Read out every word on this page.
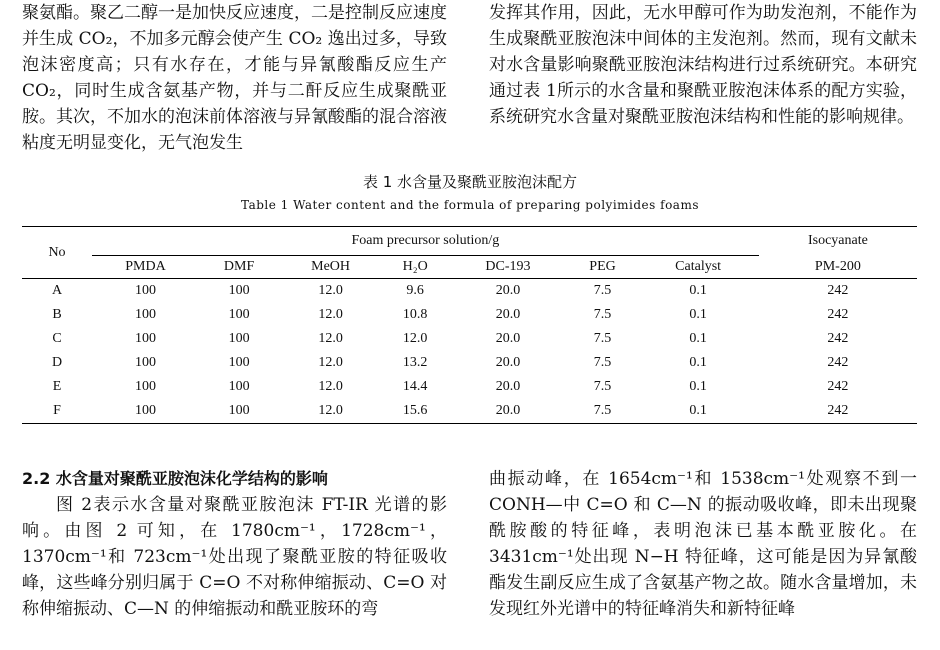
聚氨酯。聚乙二醇一是加快反应速度，二是控制反应速度并生成 CO₂，不加多元醇会使产生 CO₂ 逸出过多，导致泡沫密度高；只有水存在，才能与异氰酸酯反应生产 CO₂，同时生成含氨基产物，并与二酐反应生成聚酰亚胺。其次，不加水的泡沫前体溶液与异氰酸酯的混合溶液粘度无明显变化，无气泡发生

发挥其作用，因此，无水甲醇可作为助发泡剂，不能作为生成聚酰亚胺泡沫中间体的主发泡剂。然而，现有文献未对水含量影响聚酰亚胺泡沫结构进行过系统研究。本研究通过表 1所示的水含量和聚酰亚胺泡沫体系的配方实验，系统研究水含量对聚酰亚胺泡沫结构和性能的影响规律。

表 1 水含量及聚酰亚胺泡沫配方
Table 1 Water content and the formula of preparing polyimides foams
No	Foam precursor solution/g							Isocyanate
	PMDA	DMF	MeOH	H₂O	DC-193	PEG	Catalyst	PM-200
A	100	100	12.0	9.6	20.0	7.5	0.1	242
B	100	100	12.0	10.8	20.0	7.5	0.1	242
C	100	100	12.0	12.0	20.0	7.5	0.1	242
D	100	100	12.0	13.2	20.0	7.5	0.1	242
E	100	100	12.0	14.4	20.0	7.5	0.1	242
F	100	100	12.0	15.6	20.0	7.5	0.1	242

2.2 水含量对聚酰亚胺泡沫化学结构的影响

图 2表示水含量对聚酰亚胺泡沫 FT-IR 光谱的影响。由图 2 可知，在 1780cm⁻¹，1728cm⁻¹，1370cm⁻¹和 723cm⁻¹处出现了聚酰亚胺的特征吸收峰，这些峰分别归属于 C=O 不对称伸缩振动、C=O 对称伸缩振动、C—N 的伸缩振动和酰亚胺环的弯

曲振动峰，在 1654cm⁻¹和 1538cm⁻¹处观察不到一CONH—中 C=O 和 C—N 的振动吸收峰，即未出现聚酰胺酸的特征峰，表明泡沫已基本酰亚胺化。在 3431cm⁻¹处出现 N−H 特征峰，这可能是因为异氰酸酯发生副反应生成了含氨基产物之故。随水含量增加，未发现红外光谱中的特征峰消失和新特征峰
